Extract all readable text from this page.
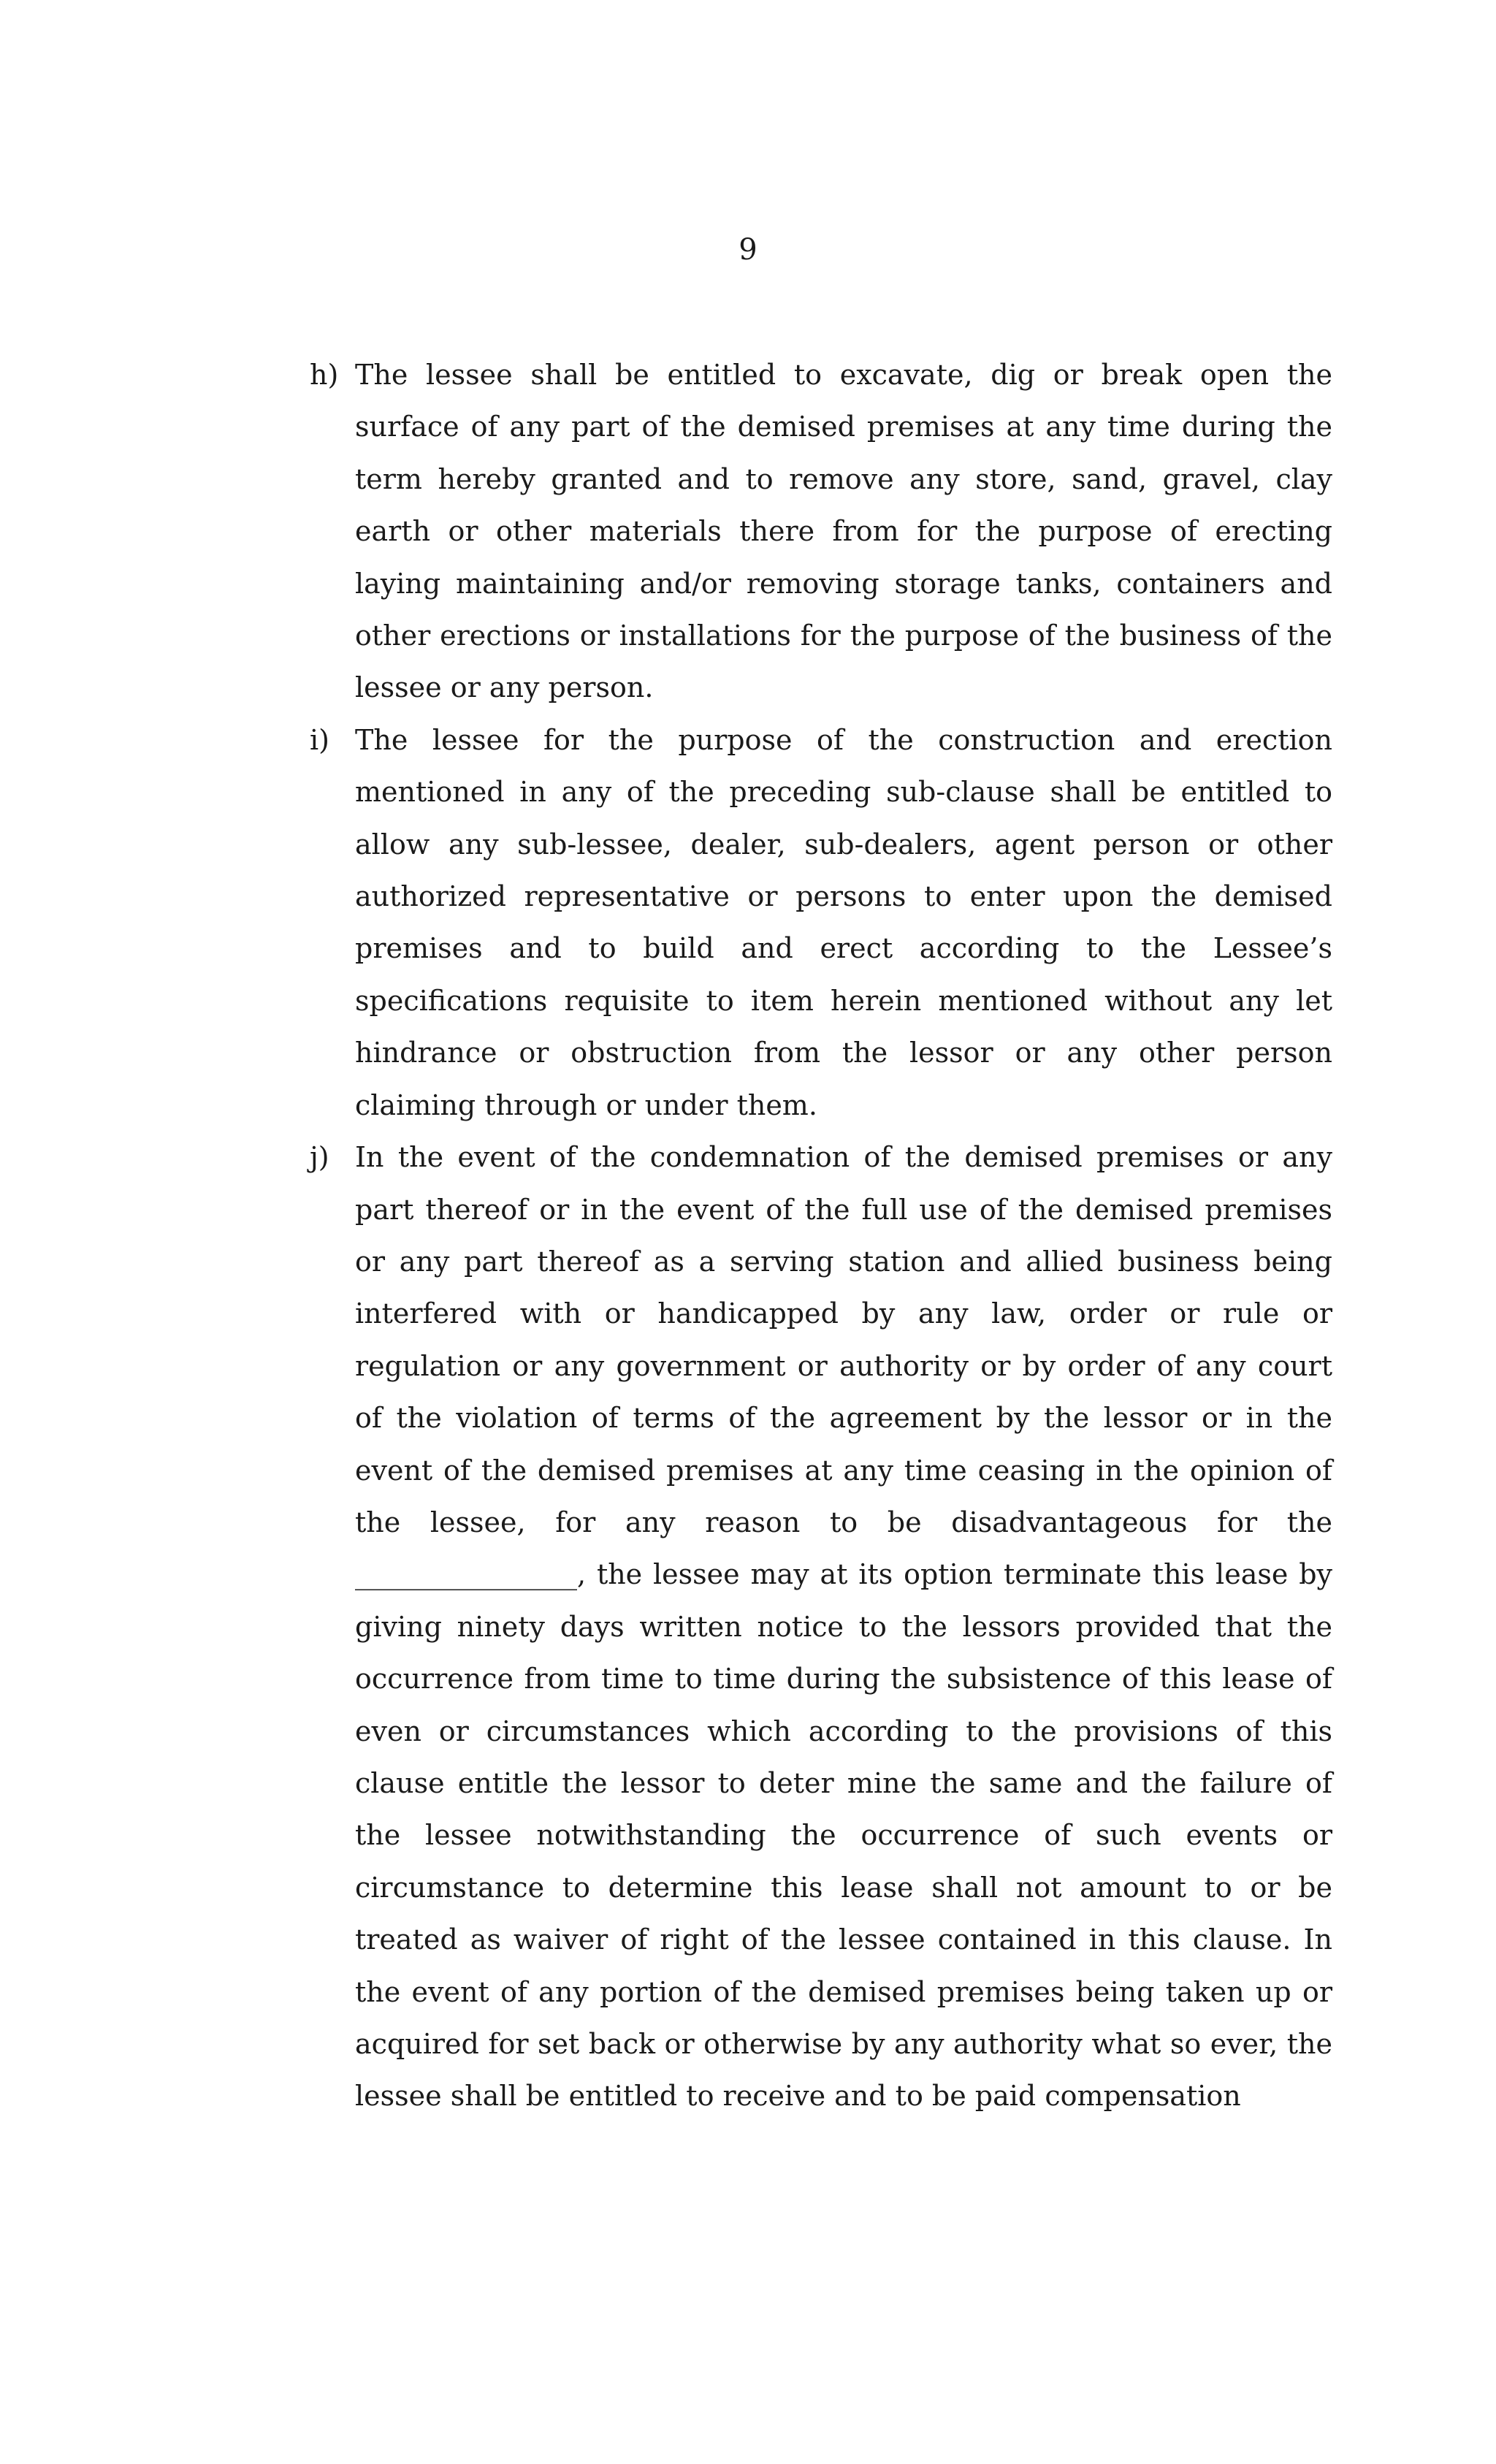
9
h) The lessee shall be entitled to excavate, dig or break open the surface of any part of the demised premises at any time during the term hereby granted and to remove any store, sand, gravel, clay earth or other materials there from for the purpose of erecting laying maintaining and/or removing storage tanks, containers and other erections or installations for the purpose of the business of the lessee or any person.

i) The lessee for the purpose of the construction and erection mentioned in any of the preceding sub-clause shall be entitled to allow any sub-lessee, dealer, sub-dealers, agent person or other authorized representative or persons to enter upon the demised premises and to build and erect according to the Lessee’s specifications requisite to item herein mentioned without any let hindrance or obstruction from the lessor or any other person claiming through or under them.

j) In the event of the condemnation of the demised premises or any part thereof or in the event of the full use of the demised premises or any part thereof as a serving station and allied business being interfered with or handicapped by any law, order or rule or regulation or any government or authority or by order of any court of the violation of terms of the agreement by the lessor or in the event of the demised premises at any time ceasing in the opinion of the lessee, for any reason to be disadvantageous for the ________________, the lessee may at its option terminate this lease by giving ninety days written notice to the lessors provided that the occurrence from time to time during the subsistence of this lease of even or circumstances which according to the provisions of this clause entitle the lessor to deter mine the same and the failure of the lessee notwithstanding the occurrence of such events or circumstance to determine this lease shall not amount to or be treated as waiver of right of the lessee contained in this clause. In the event of any portion of the demised premises being taken up or acquired for set back or otherwise by any authority what so ever, the lessee shall be entitled to receive and to be paid compensation
